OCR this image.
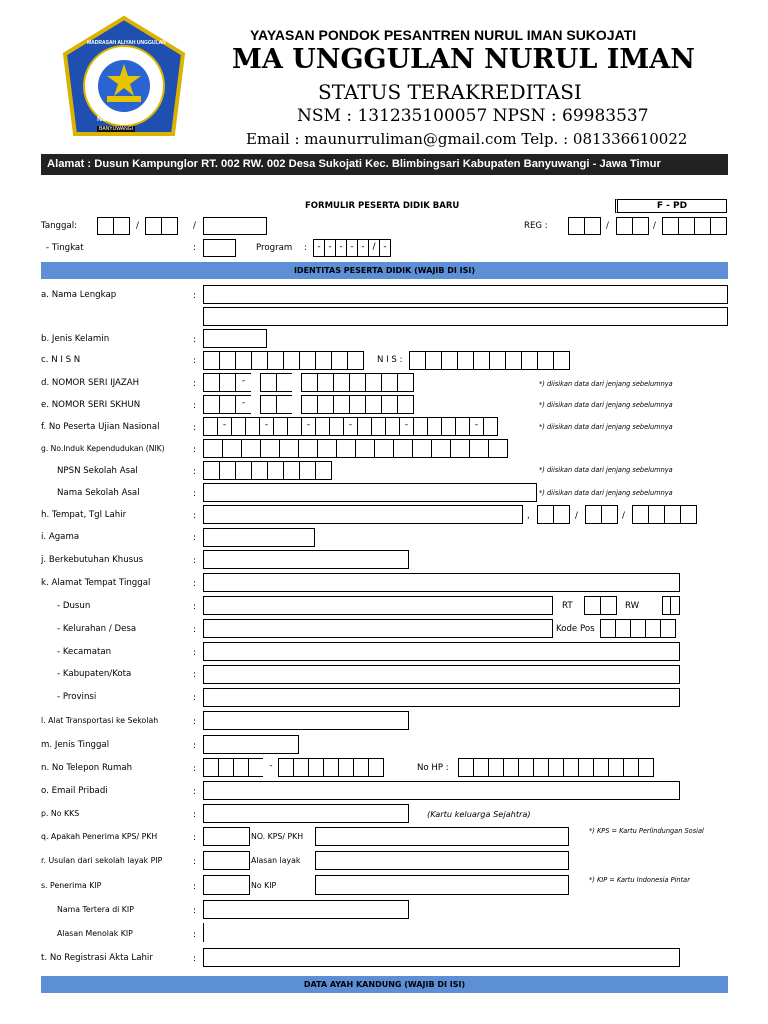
MADRASAH ALIYAH UNGGULAN
NURULIMAN
BANYUWANGI
YAYASAN PONDOK PESANTREN NURUL IMAN SUKOJATI
MA UNGGULAN NURUL IMAN
STATUS TERAKREDITASI
NSM : 131235100057 NPSN : 69983537
Email : maunurruliman@gmail.com Telp. : 081336610022
Alamat : Dusun Kampunglor RT. 002 RW. 002 Desa Sukojati Kec. Blimbingsari Kabupaten Banyuwangi - Jawa Timur
FORMULIR PESERTA DIDIK BARU	F - PD
Tanggal:	/	/	REG :	/	/
- Tingkat	:	Program :	- - - - - / -
IDENTITAS PESERTA DIDIK (WAJIB DI ISI)
a. Nama Lengkap	:
b. Jenis Kelamin	:
c. N I S N	:	N I S :
d. NOMOR SERI IJAZAH	:	-	*) diisikan data dari jenjang sebelumnya
e. NOMOR SERI SKHUN	:	-	*) diisikan data dari jenjang sebelumnya
f. No Peserta Ujian Nasional	:	-	-	-	-	-	-	*) diisikan data dari jenjang sebelumnya
g. No.Induk Kependudukan (NIK)	:
NPSN Sekolah Asal	:	*) diisikan data dari jenjang sebelumnya
Nama Sekolah Asal	:	*) diisikan data dari jenjang sebelumnya
h. Tempat, Tgl Lahir	:	,	/	/
i. Agama	:
j. Berkebutuhan Khusus	:
k. Alamat Tempat Tinggal	:
- Dusun	:	RT	RW
- Kelurahan / Desa	:	Kode Pos
- Kecamatan	:
- Kabupaten/Kota	:
- Provinsi	:
l. Alat Transportasi ke Sekolah	:
m. Jenis Tinggal	:
n. No Telepon Rumah	:	-	No HP :
o. Email Pribadi	:
p. No KKS	:	(Kartu keluarga Sejahtra)
q. Apakah Penerima KPS/ PKH	:	NO. KPS/ PKH
*) KPS = Kartu Perlindungan Sosial
r. Usulan dari sekolah layak PIP	:	Alasan layak
s. Penerima KIP	:	No KIP
*) KIP = Kartu Indonesia Pintar
Nama Tertera di KIP	:
Alasan Menolak KIP	:
t. No Registrasi Akta Lahir	:
DATA AYAH KANDUNG (WAJIB DI ISI)
